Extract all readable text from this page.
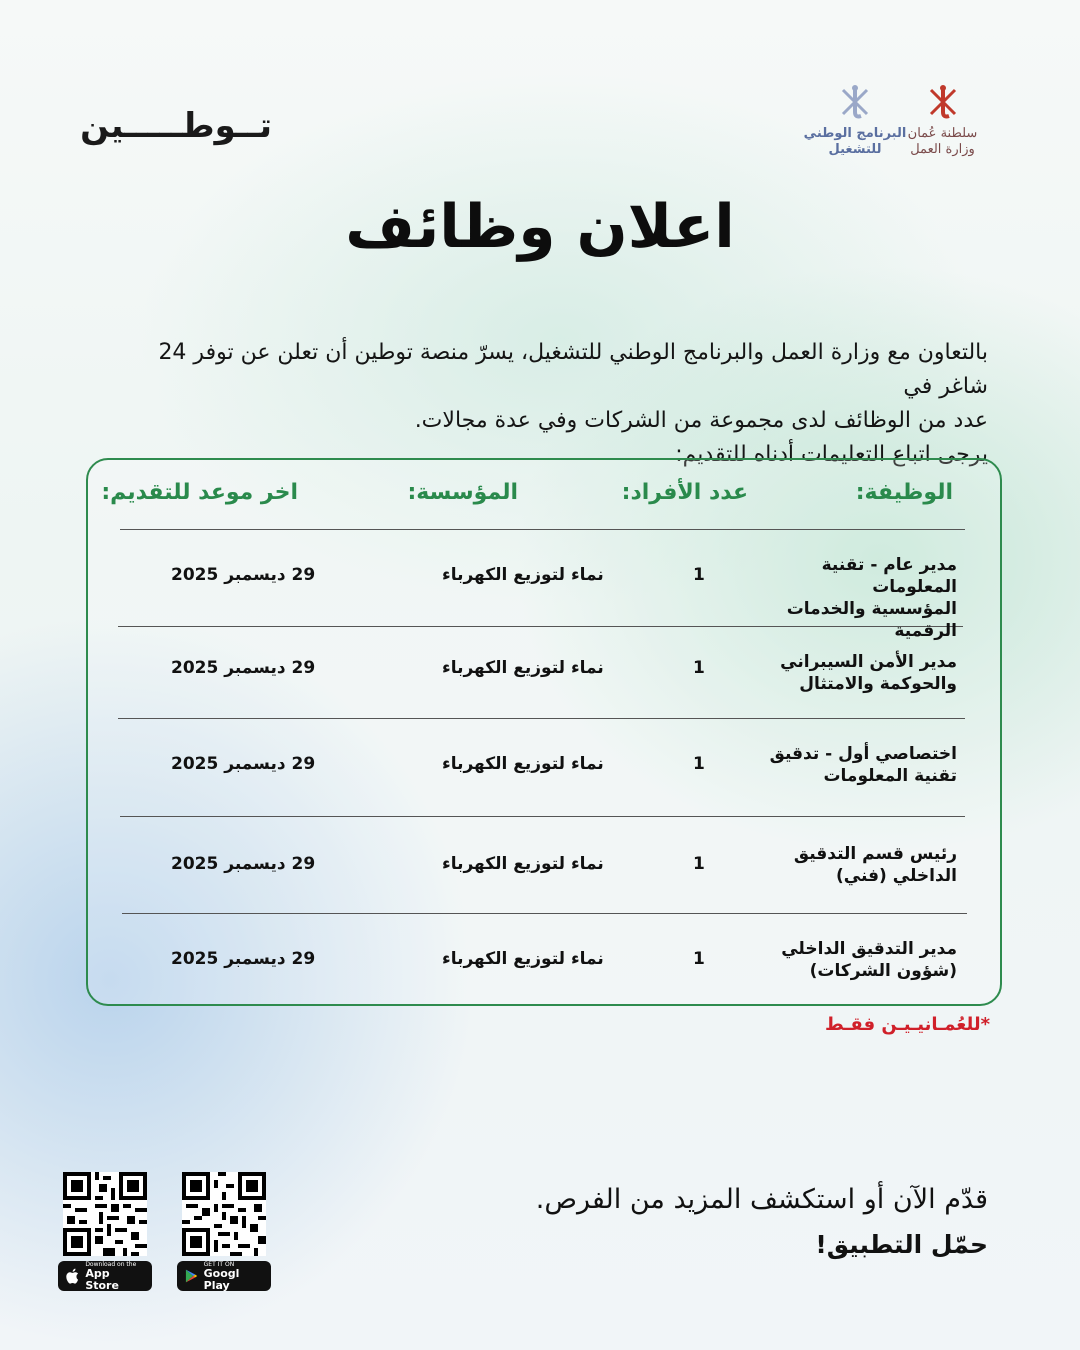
تــوطـــــين	البرنامج الوطني
للتشغيل
سلطنة عُمان
وزارة العمل
اعلان وظائف
بالتعاون مع وزارة العمل والبرنامج الوطني للتشغيل، يسرّ منصة توطين أن تعلن عن توفر 24 شاغر في
عدد من الوظائف لدى مجموعة من الشركات وفي عدة مجالات.
يرجى اتباع التعليمات أدناه للتقديم:
الوظيفة:
عدد الأفراد:
المؤسسة:
اخر موعد للتقديم:
مدير عام - تقنية المعلومات
المؤسسية والخدمات الرقمية
1
نماء لتوزيع الكهرباء
29 ديسمبر 2025
مدير الأمن السيبراني
والحوكمة والامتثال
1
نماء لتوزيع الكهرباء
29 ديسمبر 2025
اختصاصي أول - تدقيق
تقنية المعلومات
1
نماء لتوزيع الكهرباء
29 ديسمبر 2025
رئيس قسم التدقيق
الداخلي (فني)
1
نماء لتوزيع الكهرباء
29 ديسمبر 2025
مدير التدقيق الداخلي
(شؤون الشركات)
1
نماء لتوزيع الكهرباء
29 ديسمبر 2025
*للعُمـانيـيـن فقـط
Download on the
App Store
GET IT ON
Googl Play
قدّم الآن أو استكشف المزيد من الفرص.
حمّل التطبيق!
